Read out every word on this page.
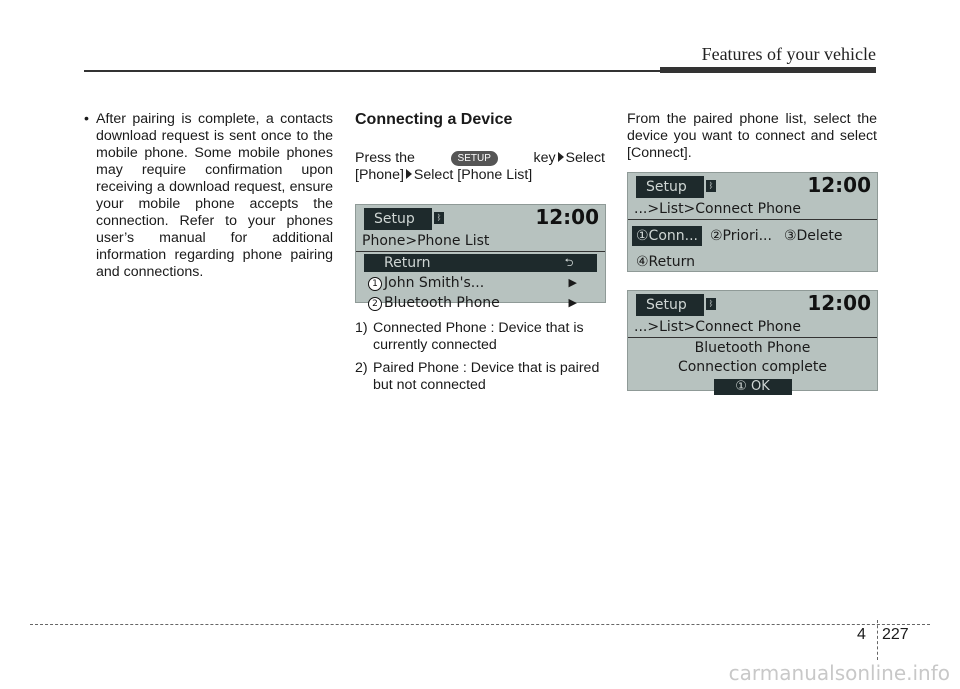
Features of your vehicle
• After pairing is complete, a contacts download request is sent once to the mobile phone. Some mobile phones may require confirmation upon receiving a download request, ensure your mobile phone accepts the connection. Refer to your phones user’s manual for additional information regarding phone pairing and connections.
Connecting a Device
Press the	SETUP	key Select
[Phone] Select [Phone List]
Setup	ᛒ	12:00
Phone>Phone List
Return	⮌
1 John Smith's...	▶
2 Bluetooth Phone	▶
1) Connected Phone : Device that is currently connected
2) Paired Phone : Device that is paired but not connected

From the paired phone list, select the device you want to connect and select [Connect].

Setup	ᛒ	12:00
...>List>Connect Phone
①Conn... ②Priori... ③Delete
④Return
Setup	ᛒ	12:00
...>List>Connect Phone
Bluetooth Phone
Connection complete
① OK
4 227
carmanualsonline.info
